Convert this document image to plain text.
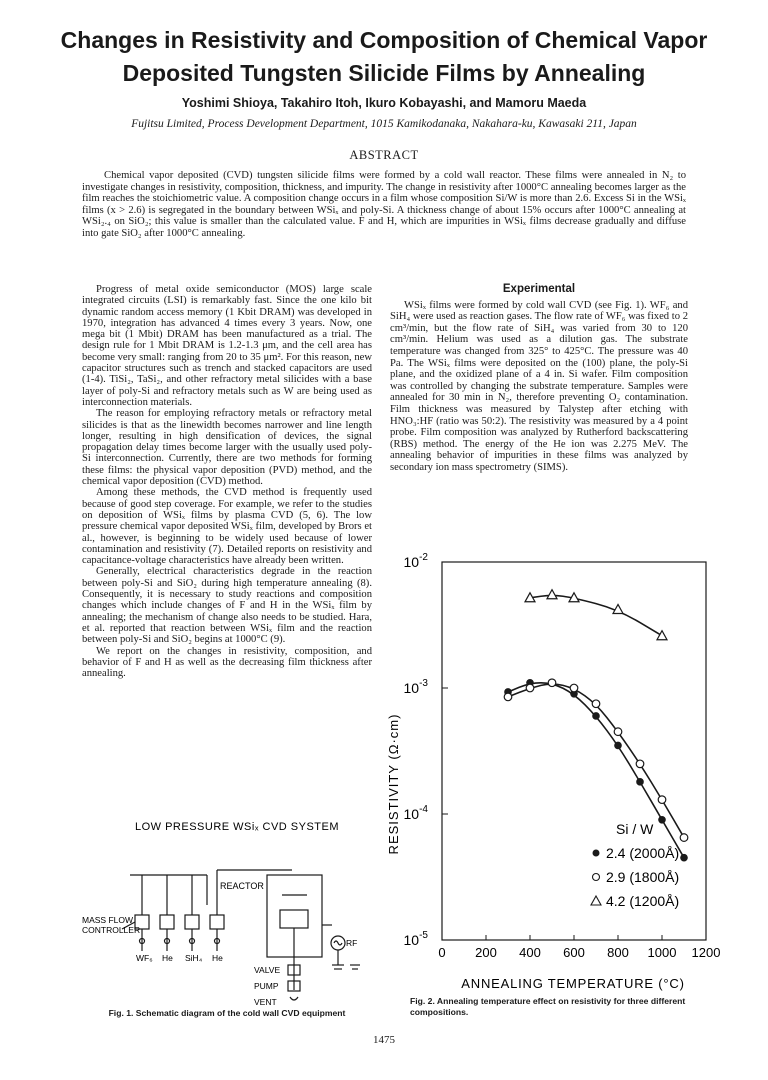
Changes in Resistivity and Composition of Chemical Vapor
Deposited Tungsten Silicide Films by Annealing
Yoshimi Shioya, Takahiro Itoh, Ikuro Kobayashi, and Mamoru Maeda
Fujitsu Limited, Process Development Department, 1015 Kamikodanaka, Nakahara-ku, Kawasaki 211, Japan
ABSTRACT
Chemical vapor deposited (CVD) tungsten silicide films were formed by a cold wall reactor. These films were annealed in N₂ to investigate changes in resistivity, composition, thickness, and impurity. The change in resistivity after 1000°C annealing becomes larger as the film reaches the stoichiometric value. A composition change occurs in a film whose composition Si/W is more than 2.6. Excess Si in the WSiₓ films (x > 2.6) is segregated in the boundary between WSiₓ and poly-Si. A thickness change of about 15% occurs after 1000°C annealing at WSi₂.₄ on SiO₂; this value is smaller than the calculated value. F and H, which are impurities in WSiₓ films decrease gradually and diffuse into gate SiO₂ after 1000°C annealing.

Progress of metal oxide semiconductor (MOS) large scale integrated circuits (LSI) is remarkably fast. Since the one kilo bit dynamic random access memory (1 Kbit DRAM) was developed in 1970, integration has advanced 4 times every 3 years. Now, one mega bit (1 Mbit) DRAM has been manufactured as a trial. The design rule for 1 Mbit DRAM is 1.2-1.3 μm, and the cell area has become very small: ranging from 20 to 35 μm². For this reason, new capacitor structures such as trench and stacked capacitors are used (1-4). TiSi₂, TaSi₂, and other refractory metal silicides with a base layer of poly-Si and refractory metals such as W are being used as interconnection materials.

The reason for employing refractory metals or refractory metal silicides is that as the linewidth becomes narrower and line length longer, resulting in high densification of devices, the signal propagation delay times become larger with the usually used poly-Si interconnection. Currently, there are two methods for forming these films: the physical vapor deposition (PVD) method, and the chemical vapor deposition (CVD) method.

Among these methods, the CVD method is frequently used because of good step coverage. For example, we refer to the studies on deposition of WSiₓ films by plasma CVD (5, 6). The low pressure chemical vapor deposited WSiₓ film, developed by Brors et al., however, is beginning to be widely used because of lower contamination and resistivity (7). Detailed reports on resistivity and capacitance-voltage characteristics have already been written.

Generally, electrical characteristics degrade in the reaction between poly-Si and SiO₂ during high temperature annealing (8). Consequently, it is necessary to study reactions and composition changes which include changes of F and H in the WSiₓ film by annealing; the mechanism of change also needs to be studied. Hara, et al. reported that reaction between WSiₓ film and the reaction between poly-Si and SiO₂ begins at 1000°C (9).

We report on the changes in resistivity, composition, and behavior of F and H as well as the decreasing film thickness after annealing.

Experimental

WSiₓ films were formed by cold wall CVD (see Fig. 1). WF₆ and SiH₄ were used as reaction gases. The flow rate of WF₆ was fixed to 2 cm³/min, but the flow rate of SiH₄ was varied from 30 to 120 cm³/min. Helium was used as a dilution gas. The substrate temperature was changed from 325° to 425°C. The pressure was 40 Pa. The WSiₓ films were deposited on the (100) plane, the poly-Si plane, and the oxidized plane of a 4 in. Si wafer. Film composition was controlled by changing the substrate temperature. Samples were annealed for 30 min in N₂, therefore preventing O₂ contamination. Film thickness was measured by Talystep after etching with HNO₃:HF (ratio was 50:2). The resistivity was measured by a 4 point probe. Film composition was analyzed by Rutherford backscattering (RBS) method. The energy of the He ion was 2.275 MeV. The annealing behavior of impurities in these films was analyzed by secondary ion mass spectrometry (SIMS).

LOW PRESSURE WSiₓ CVD SYSTEM
REACTOR
MASS FLOW
CONTROLLER
WF₆ He SiH₄ He
RF
VALVE
PUMP
VENT
Fig. 1. Schematic diagram of the cold wall CVD equipment
RESISTIVITY (Ω·cm)
ANNEALING TEMPERATURE (°C)
$10^{-2}$
$10^{-3}$
$10^{-4}$
$10^{-5}$
0 200 400 600 800 1000 1200
Si / W
2.4 (2000Å)
2.9 (1800Å)
4.2 (1200Å)
Fig. 2. Annealing temperature effect on resistivity for three different compositions.
1475
